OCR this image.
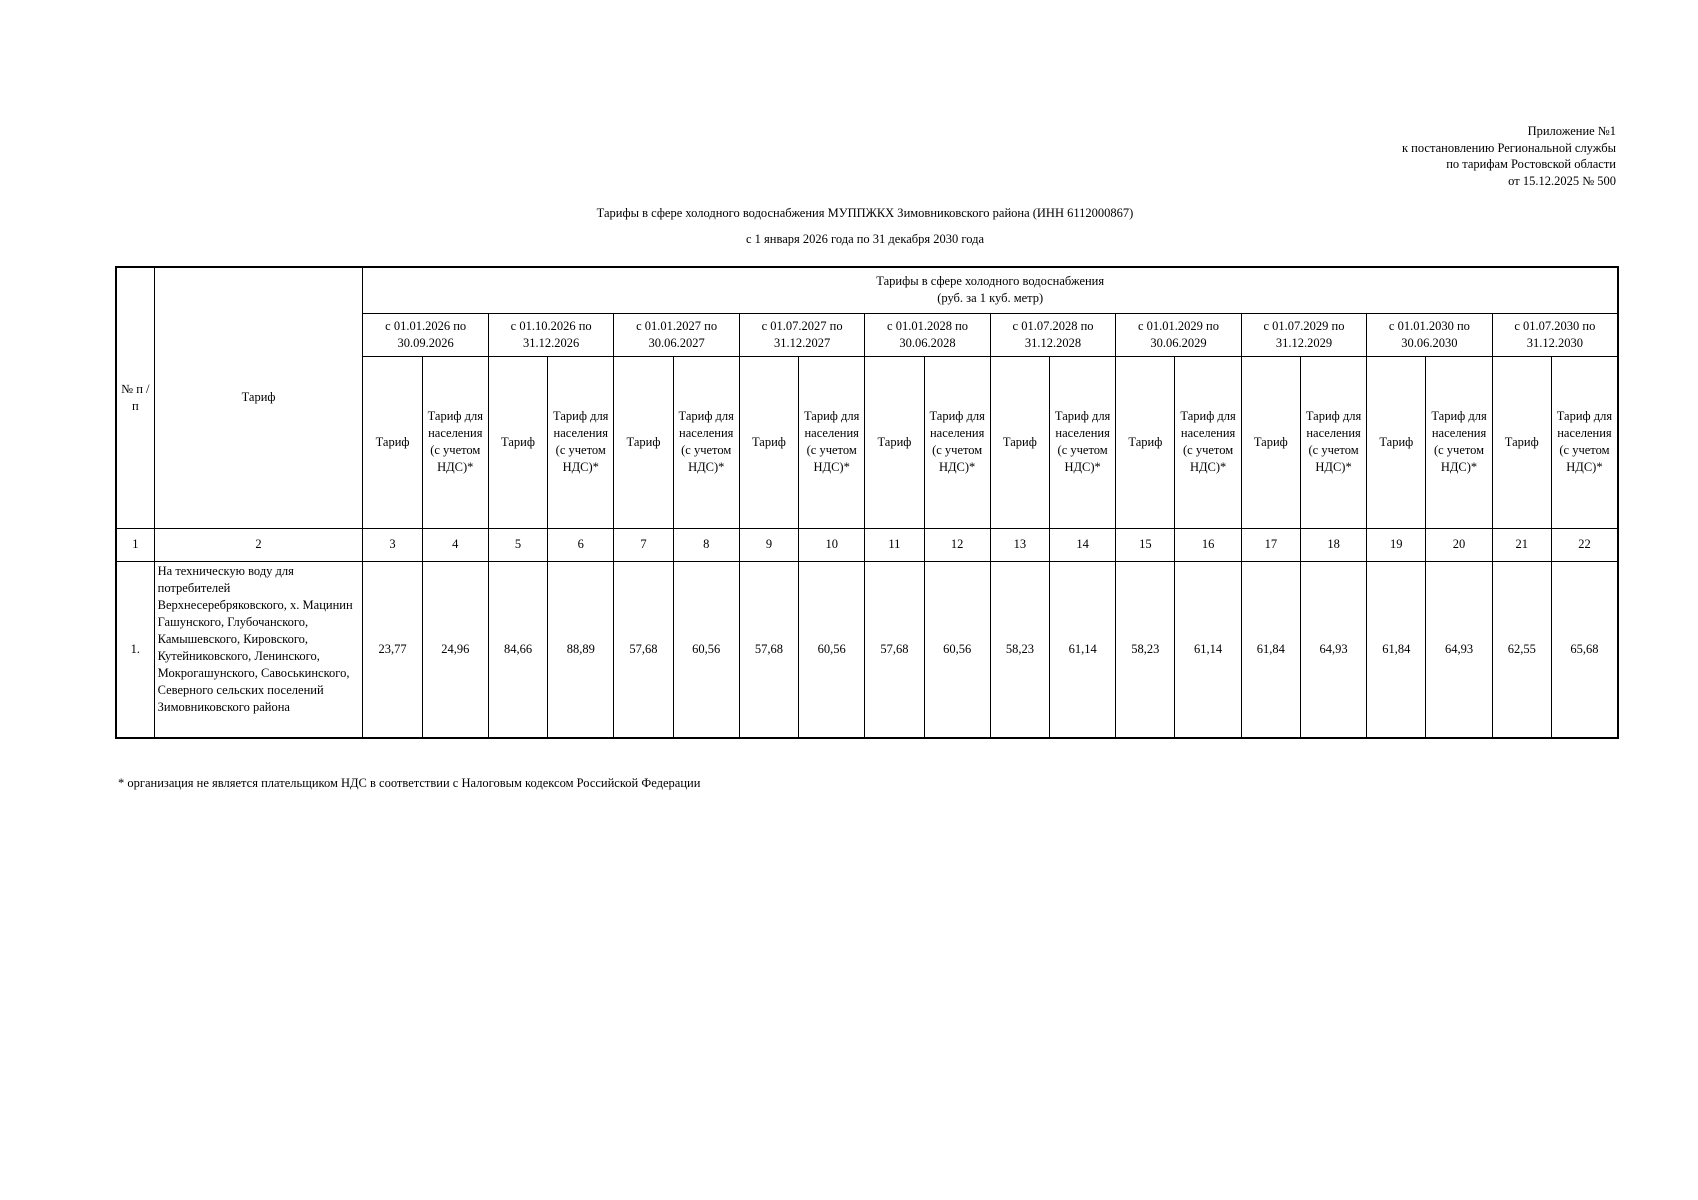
Приложение №1
к постановлению Региональной службы
по тарифам Ростовской области
от 15.12.2025 № 500
Тарифы в сфере холодного водоснабжения МУППЖКХ Зимовниковского района (ИНН 6112000867)
с 1 января 2026 года по 31 декабря 2030 года
№ п /п	Тариф	Тарифы в сфере холодного водоснабжения
(руб. за 1 куб. метр)																			

		с 01.01.2026 по 30.09.2026		с 01.10.2026 по 31.12.2026		с 01.01.2027 по 30.06.2027		с 01.07.2027 по 31.12.2027		с 01.01.2028 по 30.06.2028		с 01.07.2028 по 31.12.2028		с 01.01.2029 по 30.06.2029		с 01.07.2029 по 31.12.2029		с 01.01.2030 по 30.06.2030		с 01.07.2030 по 31.12.2030	
		Тариф	Тариф для населения (с учетом НДС)*	Тариф	Тариф для населения (с учетом НДС)*	Тариф	Тариф для населения (с учетом НДС)*	Тариф	Тариф для населения (с учетом НДС)*	Тариф	Тариф для населения (с учетом НДС)*	Тариф	Тариф для населения (с учетом НДС)*	Тариф	Тариф для населения (с учетом НДС)*	Тариф	Тариф для населения (с учетом НДС)*	Тариф	Тариф для населения (с учетом НДС)*	Тариф	Тариф для населения (с учетом НДС)*
1	2	3	4	5	6	7	8	9	10	11	12	13	14	15	16	17	18	19	20	21	22
1.	На техническую воду для потребителей Верхнесеребряковского, х. Мацинин Гашунского, Глубочанского, Камышевского, Кировского, Кутейниковского, Ленинского, Мокрогашунского, Савоськинского, Северного сельских поселений Зимовниковского района	23,77	24,96	84,66	88,89	57,68	60,56	57,68	60,56	57,68	60,56	58,23	61,14	58,23	61,14	61,84	64,93	61,84	64,93	62,55	65,68
* организация не является плательщиком НДС в соответствии с Налоговым кодексом Российской Федерации
